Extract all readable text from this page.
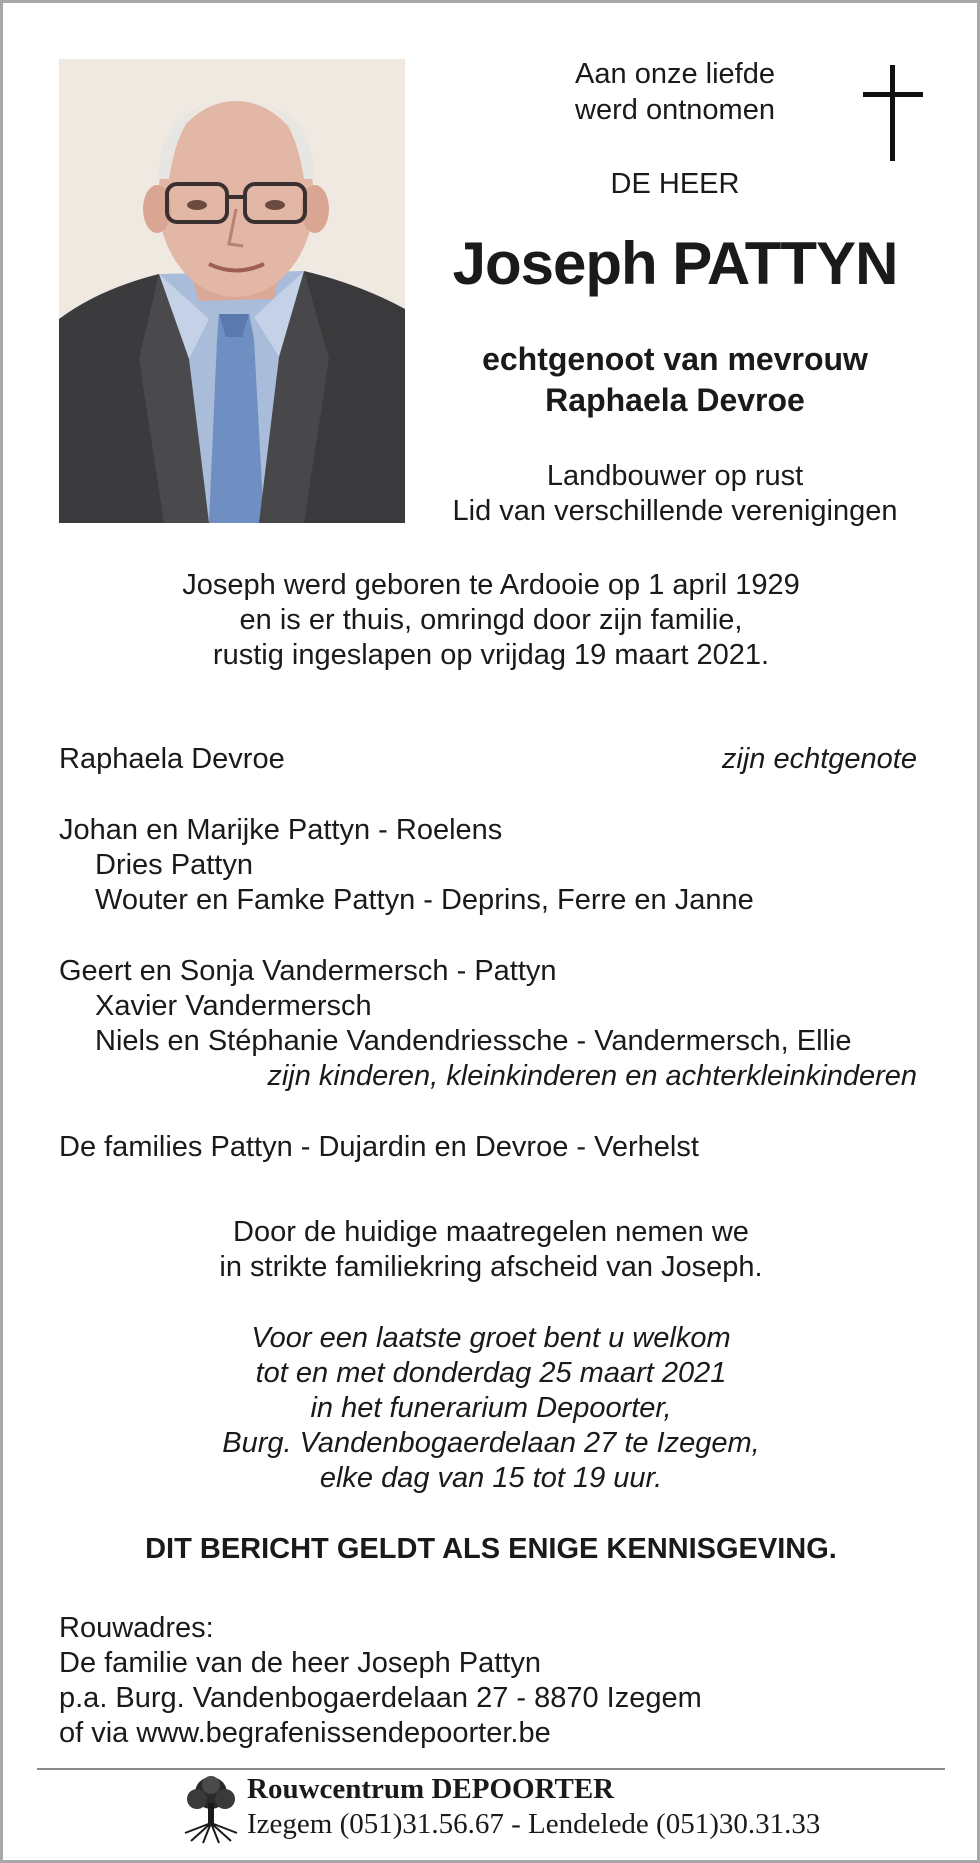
Aan onze liefde
werd ontnomen
DE HEER
Joseph PATTYN
echtgenoot van mevrouw
Raphaela Devroe
Landbouwer op rust
Lid van verschillende verenigingen
Joseph werd geboren te Ardooie op 1 april 1929
en is er thuis, omringd door zijn familie,
rustig ingeslapen op vrijdag 19 maart 2021.
Raphaela Devroe	zijn echtgenote
Johan en Marijke Pattyn - Roelens
Dries Pattyn
Wouter en Famke Pattyn - Deprins, Ferre en Janne
Geert en Sonja Vandermersch - Pattyn
Xavier Vandermersch
Niels en Stéphanie Vandendriessche - Vandermersch, Ellie
zijn kinderen, kleinkinderen en achterkleinkinderen
De families Pattyn - Dujardin en Devroe - Verhelst
Door de huidige maatregelen nemen we
in strikte familiekring afscheid van Joseph.
Voor een laatste groet bent u welkom
tot en met donderdag 25 maart 2021
in het funerarium Depoorter,
Burg. Vandenbogaerdelaan 27 te Izegem,
elke dag van 15 tot 19 uur.
DIT BERICHT GELDT ALS ENIGE KENNISGEVING.
Rouwadres:
De familie van de heer Joseph Pattyn
p.a. Burg. Vandenbogaerdelaan 27 - 8870 Izegem
of via www.begrafenissendepoorter.be
Rouwcentrum DEPOORTER
Izegem (051)31.56.67 - Lendelede (051)30.31.33
